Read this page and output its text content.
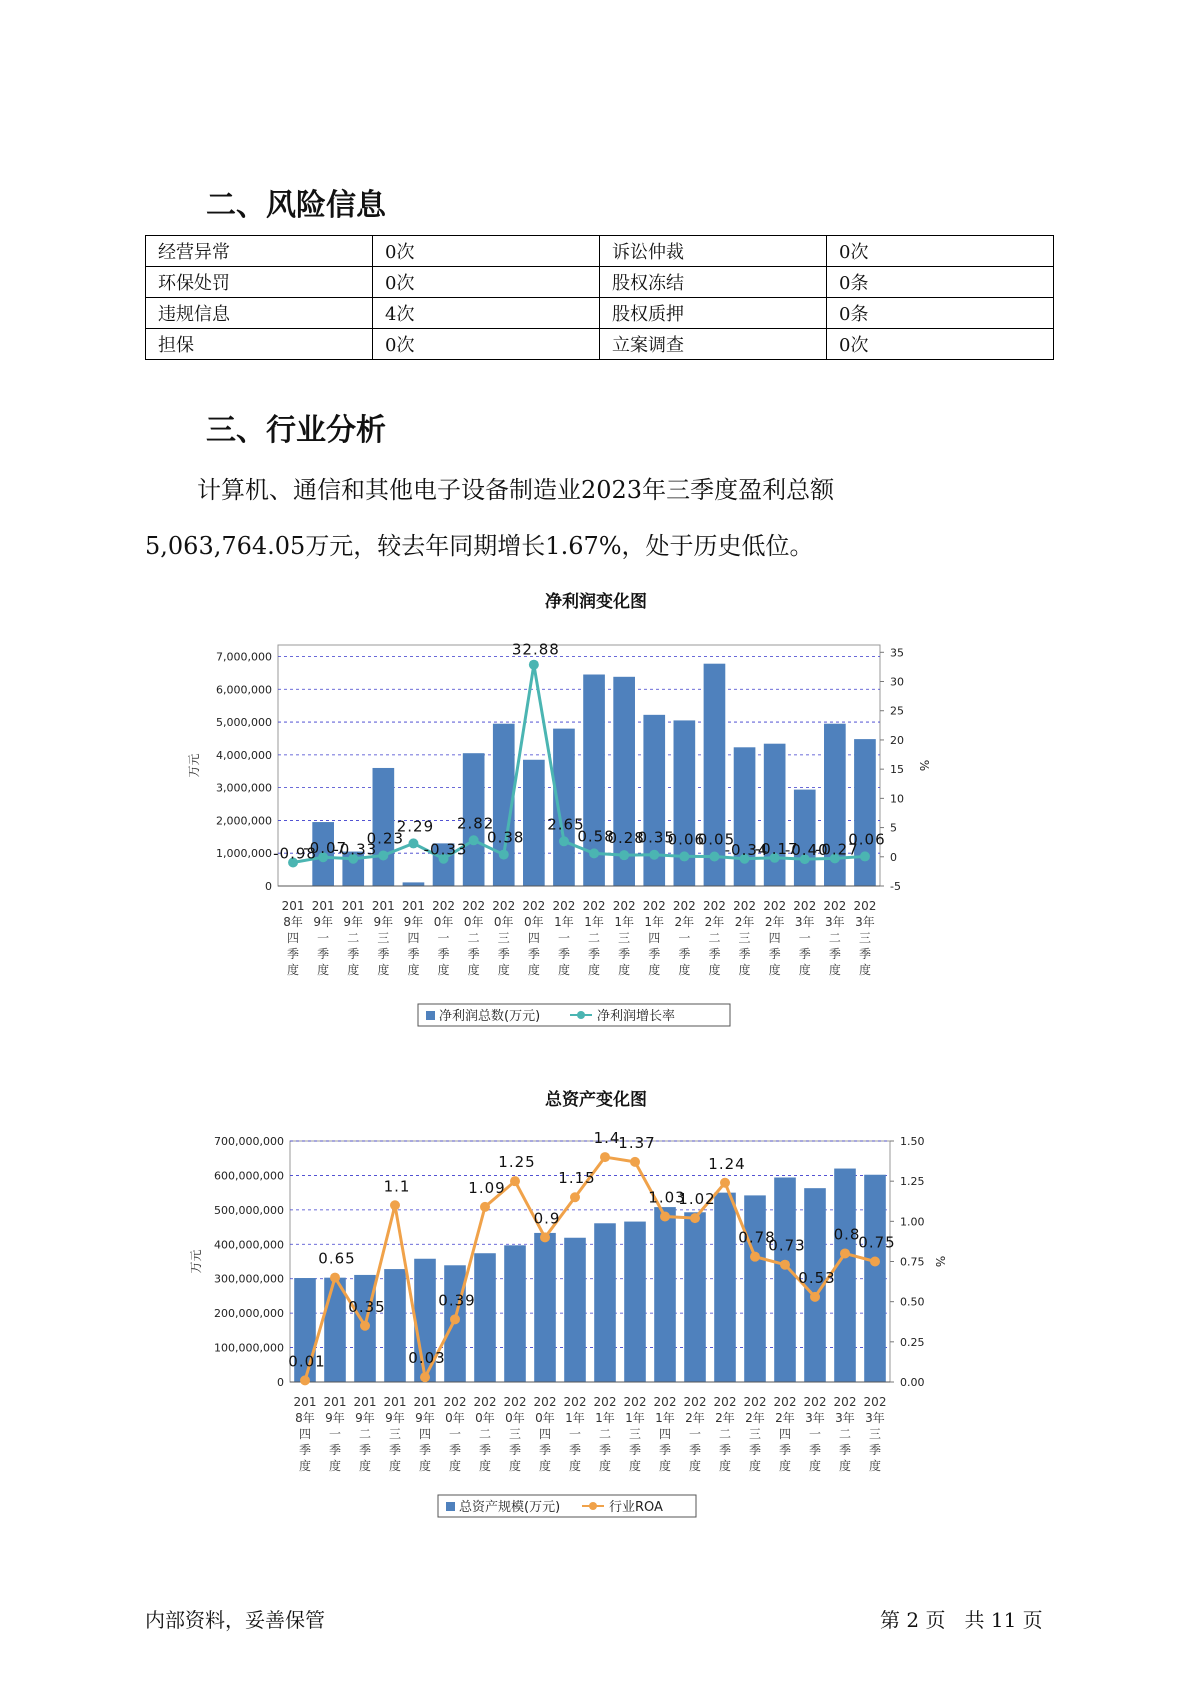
二、风险信息
经营异常	0次	诉讼仲裁	0次
环保处罚	0次	股权冻结	0条
违规信息	4次	股权质押	0条
担保	0次	立案调查	0次
三、行业分析

计算机、通信和其他电子设备制造业2023年三季度盈利总额
5,063,764.05万元，较去年同期增长1.67%，处于历史低位。

净利润变化图
0
1,000,000
2,000,000
3,000,000
4,000,000
5,000,000
6,000,000
7,000,000
-5
0
5
10
15
20
25
30
35
万元	%
-0.98
-0.07
-0.33
0.23
2.29
-0.33
2.82
0.38
32.88
2.65
0.58
0.28
0.35
0.06
0.05
-0.34
-0.17
-0.40
-0.27
0.06
201
8年
四
季
度
201
9年
一
季
度
201
9年
二
季
度
201
9年
三
季
度
201
9年
四
季
度
202
0年
一
季
度
202
0年
二
季
度
202
0年
三
季
度
202
0年
四
季
度
202
1年
一
季
度
202
1年
二
季
度
202
1年
三
季
度
202
1年
四
季
度
202
2年
一
季
度
202
2年
二
季
度
202
2年
三
季
度
202
2年
四
季
度
202
3年
一
季
度
202
3年
二
季
度
202
3年
三
季
度
净利润总数(万元)	净利润增长率
总资产变化图
0
100,000,000
200,000,000
300,000,000
400,000,000
500,000,000
600,000,000
700,000,000
0.00
0.25
0.50
0.75
1.00
1.25
1.50
万元	%
0.01
0.65
0.35
1.1
0.03
0.39
1.09
1.25
0.9
1.15
1.4
1.37
1.03
1.02
1.24
0.78
0.73
0.53
0.8
0.75
201
8年
四
季
度
201
9年
一
季
度
201
9年
二
季
度
201
9年
三
季
度
201
9年
四
季
度
202
0年
一
季
度
202
0年
二
季
度
202
0年
三
季
度
202
0年
四
季
度
202
1年
一
季
度
202
1年
二
季
度
202
1年
三
季
度
202
1年
四
季
度
202
2年
一
季
度
202
2年
二
季
度
202
2年
三
季
度
202
2年
四
季
度
202
3年
一
季
度
202
3年
二
季
度
202
3年
三
季
度
总资产规模(万元)	行业ROA
内部资料，妥善保管	第 2 页   共 11 页
